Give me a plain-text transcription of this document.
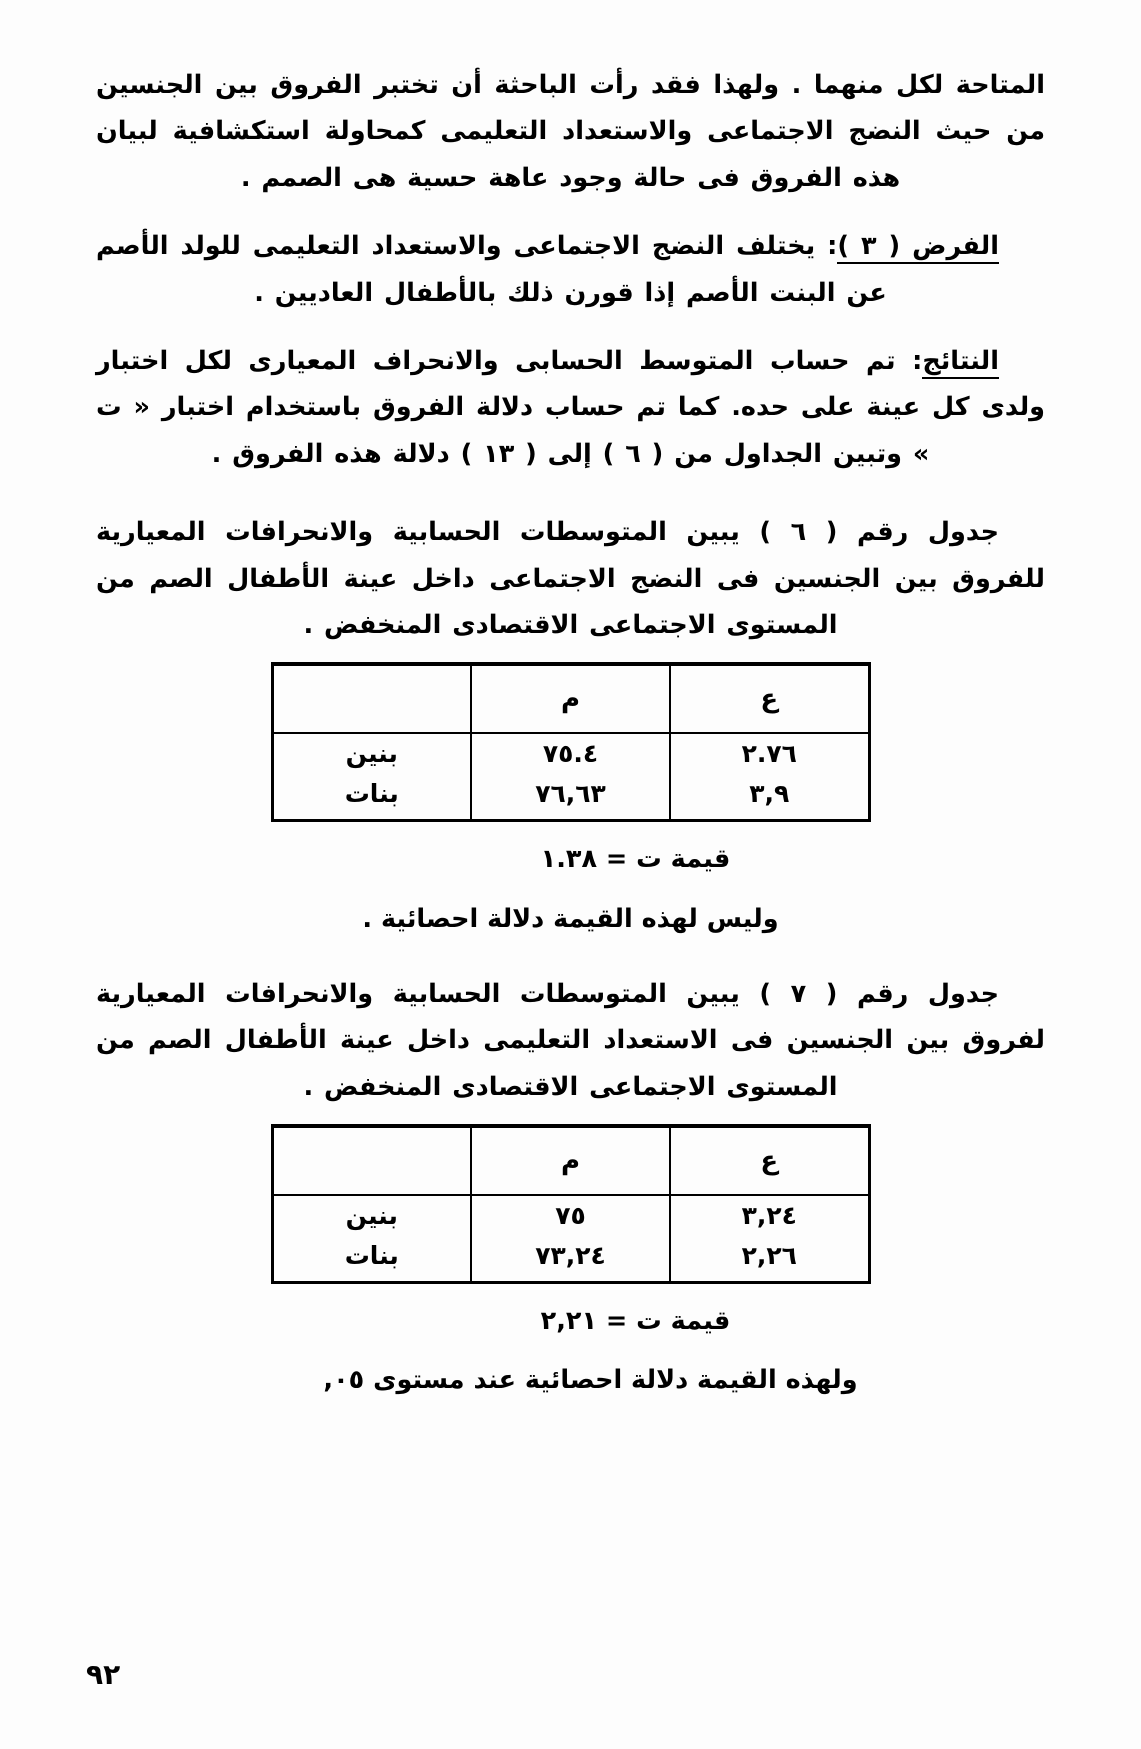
المتاحة لكل منهما . ولهذا فقد رأت الباحثة أن تختبر الفروق بين الجنسين من حيث النضج الاجتماعى والاستعداد التعليمى كمحاولة استكشافية لبيان هذه الفروق فى حالة وجود عاهة حسية هى الصمم .

الفرض ( ٣ ): يختلف النضج الاجتماعى والاستعداد التعليمى للولد الأصم عن البنت الأصم إذا قورن ذلك بالأطفال العاديين .

النتائج: تم حساب المتوسط الحسابى والانحراف المعيارى لكل اختبار ولدى كل عينة على حده. كما تم حساب دلالة الفروق باستخدام اختبار « ت » وتبين الجداول من ( ٦ ) إلى ( ١٣ ) دلالة هذه الفروق .

جدول رقم ( ٦ ) يبين المتوسطات الحسابية والانحرافات المعيارية للفروق بين الجنسين فى النضج الاجتماعى داخل عينة الأطفال الصم من المستوى الاجتماعى الاقتصادى المنخفض .

ع	م	
٢.٧٦	٧٥.٤	بنين
٣,٩	٧٦,٦٣	بنات

قيمة ت = ١.٣٨

وليس لهذه القيمة دلالة احصائية .

جدول رقم ( ٧ ) يبين المتوسطات الحسابية والانحرافات المعيارية لفروق بين الجنسين فى الاستعداد التعليمى داخل عينة الأطفال الصم من المستوى الاجتماعى الاقتصادى المنخفض .

ع	م	
٣,٢٤	٧٥	بنين
٢,٢٦	٧٣,٢٤	بنات

قيمة ت = ٢,٢١

ولهذه القيمة دلالة احصائية عند مستوى ٠٥,

٩٢
